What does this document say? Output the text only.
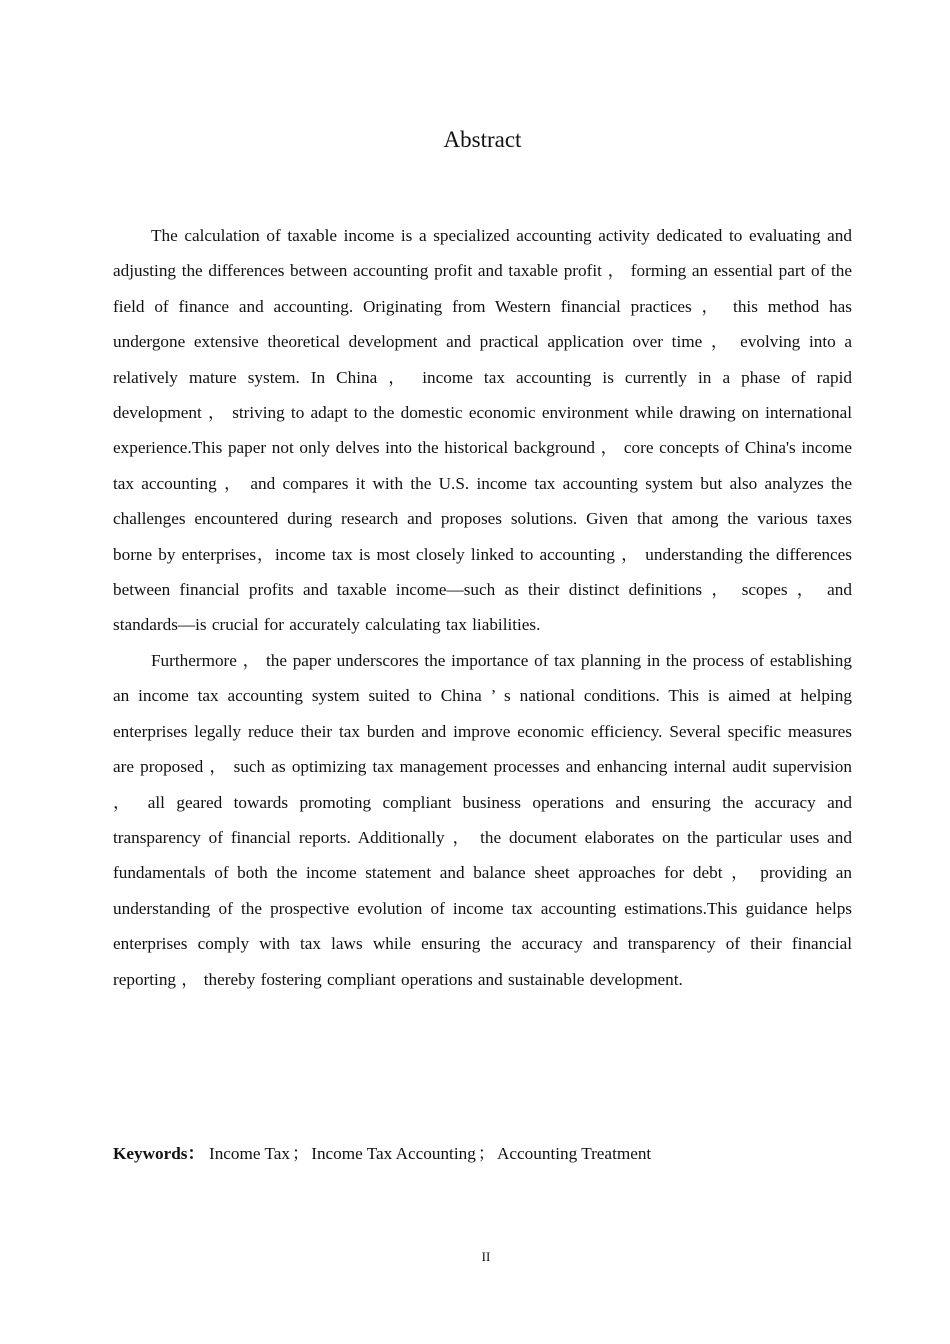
Abstract

The calculation of taxable income is a specialized accounting activity dedicated to evaluating and adjusting the differences between accounting profit and taxable profit ， forming an essential part of the field of finance and accounting. Originating from Western financial practices ， this method has undergone extensive theoretical development and practical application over time ， evolving into a relatively mature system. In China ， income tax accounting is currently in a phase of rapid development ， striving to adapt to the domestic economic environment while drawing on international experience.This paper not only delves into the historical background ， core concepts of China's income tax accounting ， and compares it with the U.S. income tax accounting system but also analyzes the challenges encountered during research and proposes solutions. Given that among the various taxes borne by enterprises，income tax is most closely linked to accounting ， understanding the differences between financial profits and taxable income—such as their distinct definitions ， scopes ， and standards—is crucial for accurately calculating tax liabilities.

Furthermore ， the paper underscores the importance of tax planning in the process of establishing an income tax accounting system suited to China ’ s national conditions. This is aimed at helping enterprises legally reduce their tax burden and improve economic efficiency. Several specific measures are proposed ， such as optimizing tax management processes and enhancing internal audit supervision ， all geared towards promoting compliant business operations and ensuring the accuracy and transparency of financial reports. Additionally ， the document elaborates on the particular uses and fundamentals of both the income statement and balance sheet approaches for debt ， providing an understanding of the prospective evolution of income tax accounting estimations.This guidance helps enterprises comply with tax laws while ensuring the accuracy and transparency of their financial reporting ， thereby fostering compliant operations and sustainable development.

Keywords： Income Tax ； Income Tax Accounting ； Accounting Treatment

II
